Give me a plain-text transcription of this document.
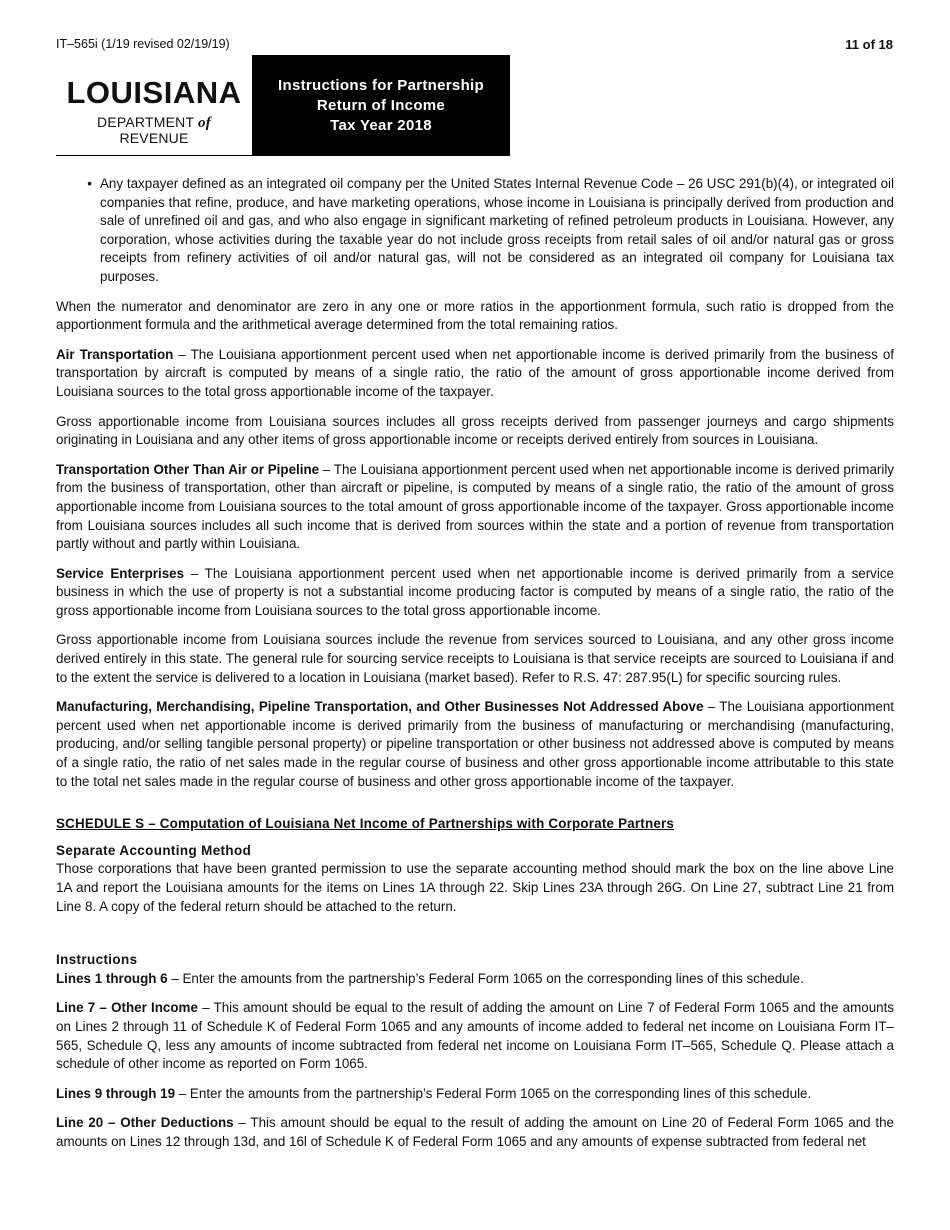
IT–565i (1/19 revised 02/19/19)	11 of 18
LOUISIANA
DEPARTMENT of REVENUE
Instructions for Partnership
Return of Income
Tax Year 2018
• Any taxpayer defined as an integrated oil company per the United States Internal Revenue Code – 26 USC 291(b)(4), or integrated oil companies that refine, produce, and have marketing operations, whose income in Louisiana is principally derived from production and sale of unrefined oil and gas, and who also engage in significant marketing of refined petroleum products in Louisiana. However, any corporation, whose activities during the taxable year do not include gross receipts from retail sales of oil and/or natural gas or gross receipts from refinery activities of oil and/or natural gas, will not be considered as an integrated oil company for Louisiana tax purposes.

When the numerator and denominator are zero in any one or more ratios in the apportionment formula, such ratio is dropped from the apportionment formula and the arithmetical average determined from the total remaining ratios.

Air Transportation – The Louisiana apportionment percent used when net apportionable income is derived primarily from the business of transportation by aircraft is computed by means of a single ratio, the ratio of the amount of gross apportionable income derived from Louisiana sources to the total gross apportionable income of the taxpayer.

Gross apportionable income from Louisiana sources includes all gross receipts derived from passenger journeys and cargo shipments originating in Louisiana and any other items of gross apportionable income or receipts derived entirely from sources in Louisiana.

Transportation Other Than Air or Pipeline – The Louisiana apportionment percent used when net apportionable income is derived primarily from the business of transportation, other than aircraft or pipeline, is computed by means of a single ratio, the ratio of the amount of gross apportionable income from Louisiana sources to the total amount of gross apportionable income of the taxpayer. Gross apportionable income from Louisiana sources includes all such income that is derived from sources within the state and a portion of revenue from transportation partly without and partly within Louisiana.

Service Enterprises – The Louisiana apportionment percent used when net apportionable income is derived primarily from a service business in which the use of property is not a substantial income producing factor is computed by means of a single ratio, the ratio of the gross apportionable income from Louisiana sources to the total gross apportionable income.

Gross apportionable income from Louisiana sources include the revenue from services sourced to Louisiana, and any other gross income derived entirely in this state. The general rule for sourcing service receipts to Louisiana is that service receipts are sourced to Louisiana if and to the extent the service is delivered to a location in Louisiana (market based). Refer to R.S. 47: 287.95(L) for specific sourcing rules.

Manufacturing, Merchandising, Pipeline Transportation, and Other Businesses Not Addressed Above – The Louisiana apportionment percent used when net apportionable income is derived primarily from the business of manufacturing or merchandising (manufacturing, producing, and/or selling tangible personal property) or pipeline transportation or other business not addressed above is computed by means of a single ratio, the ratio of net sales made in the regular course of business and other gross apportionable income attributable to this state to the total net sales made in the regular course of business and other gross apportionable income of the taxpayer.

SCHEDULE S – Computation of Louisiana Net Income of Partnerships with Corporate Partners

Separate Accounting Method

Those corporations that have been granted permission to use the separate accounting method should mark the box on the line above Line 1A and report the Louisiana amounts for the items on Lines 1A through 22. Skip Lines 23A through 26G. On Line 27, subtract Line 21 from Line 8. A copy of the federal return should be attached to the return.

Instructions

Lines 1 through 6 – Enter the amounts from the partnership’s Federal Form 1065 on the corresponding lines of this schedule.

Line 7 – Other Income – This amount should be equal to the result of adding the amount on Line 7 of Federal Form 1065 and the amounts on Lines 2 through 11 of Schedule K of Federal Form 1065 and any amounts of income added to federal net income on Louisiana Form IT–565, Schedule Q, less any amounts of income subtracted from federal net income on Louisiana Form IT–565, Schedule Q. Please attach a schedule of other income as reported on Form 1065.

Lines 9 through 19 – Enter the amounts from the partnership’s Federal Form 1065 on the corresponding lines of this schedule.

Line 20 – Other Deductions – This amount should be equal to the result of adding the amount on Line 20 of Federal Form 1065 and the amounts on Lines 12 through 13d, and 16l of Schedule K of Federal Form 1065 and any amounts of expense subtracted from federal net
